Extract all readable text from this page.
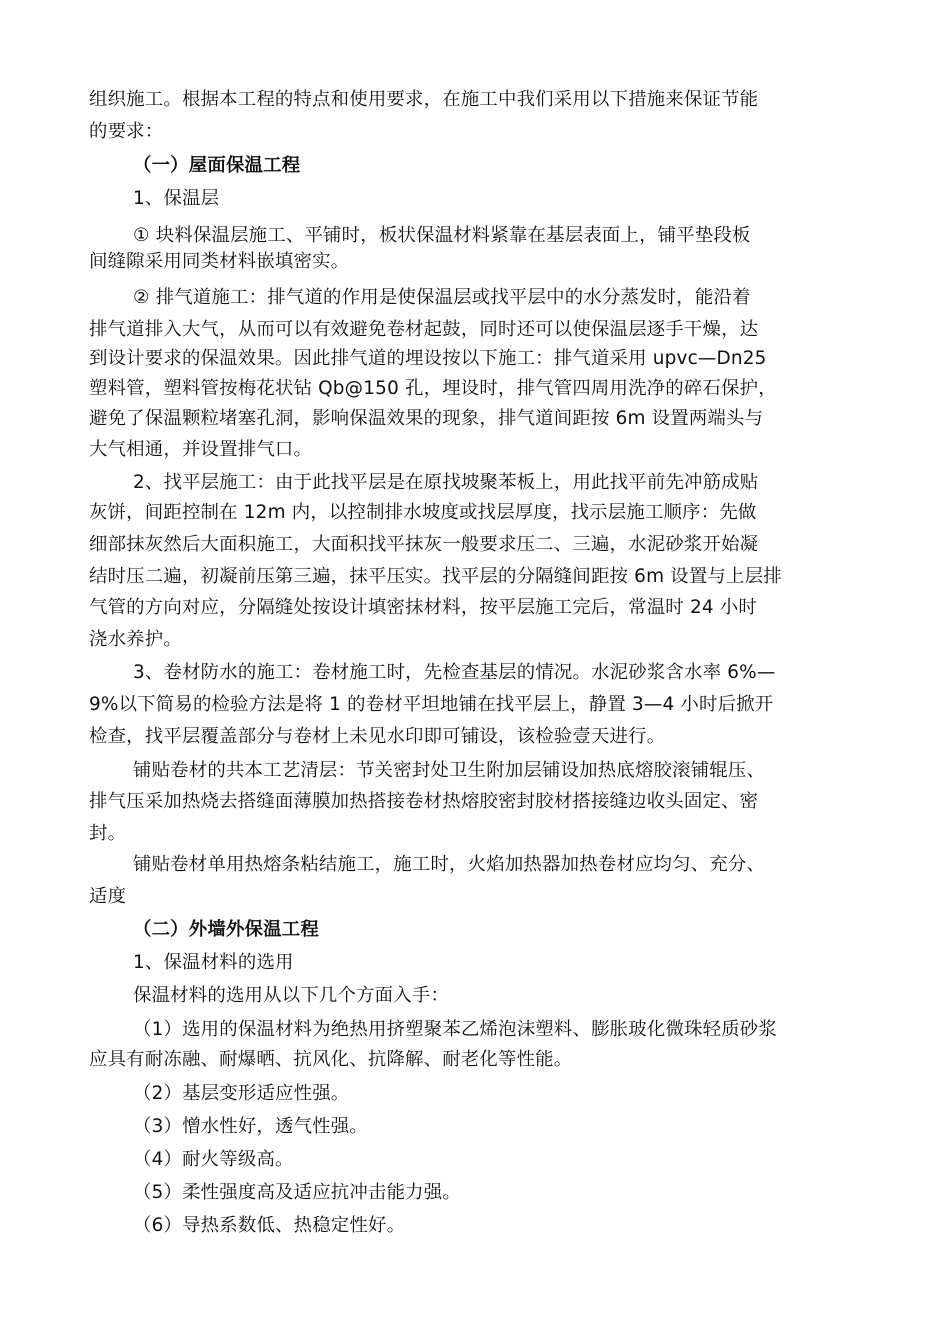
组织施工。根据本工程的特点和使用要求，在施工中我们采用以下措施来保证节能
的要求：
（一）屋面保温工程
1、保温层
① 块料保温层施工、平铺时，板状保温材料紧靠在基层表面上，铺平垫段板
间缝隙采用同类材料嵌填密实。
② 排气道施工：排气道的作用是使保温层或找平层中的水分蒸发时，能沿着
排气道排入大气，从而可以有效避免卷材起鼓，同时还可以使保温层逐手干燥，达
到设计要求的保温效果。因此排气道的埋设按以下施工：排气道采用 upvc—Dn25
塑料管，塑料管按梅花状钻 Qb@150 孔，埋设时，排气管四周用洗净的碎石保护，
避免了保温颗粒堵塞孔洞，影响保温效果的现象，排气道间距按 6m 设置两端头与
大气相通，并设置排气口。
2、找平层施工：由于此找平层是在原找坡聚苯板上，用此找平前先冲筋成贴
灰饼，间距控制在 12m 内，以控制排水坡度或找层厚度，找示层施工顺序：先做
细部抹灰然后大面积施工，大面积找平抹灰一般要求压二、三遍，水泥砂浆开始凝
结时压二遍，初凝前压第三遍，抹平压实。找平层的分隔缝间距按 6m 设置与上层排
气管的方向对应，分隔缝处按设计填密抹材料，按平层施工完后，常温时 24 小时
浇水养护。
3、卷材防水的施工：卷材施工时，先检查基层的情况。水泥砂浆含水率 6%—
9%以下简易的检验方法是将 1 的卷材平坦地铺在找平层上，静置 3—4 小时后掀开
检查，找平层覆盖部分与卷材上未见水印即可铺设，该检验壹天进行。
铺贴卷材的共本工艺清层：节关密封处卫生附加层铺设加热底熔胶滚铺辊压、
排气压采加热烧去搭缝面薄膜加热搭接卷材热熔胶密封胶材搭接缝边收头固定、密
封。
铺贴卷材单用热熔条粘结施工，施工时，火焰加热器加热卷材应均匀、充分、
适度
（二）外墙外保温工程
1、保温材料的选用
保温材料的选用从以下几个方面入手：
（1）选用的保温材料为绝热用挤塑聚苯乙烯泡沫塑料、膨胀玻化微珠轻质砂浆
应具有耐冻融、耐爆晒、抗风化、抗降解、耐老化等性能。
（2）基层变形适应性强。
（3）憎水性好，透气性强。
（4）耐火等级高。
（5）柔性强度高及适应抗冲击能力强。
（6）导热系数低、热稳定性好。
